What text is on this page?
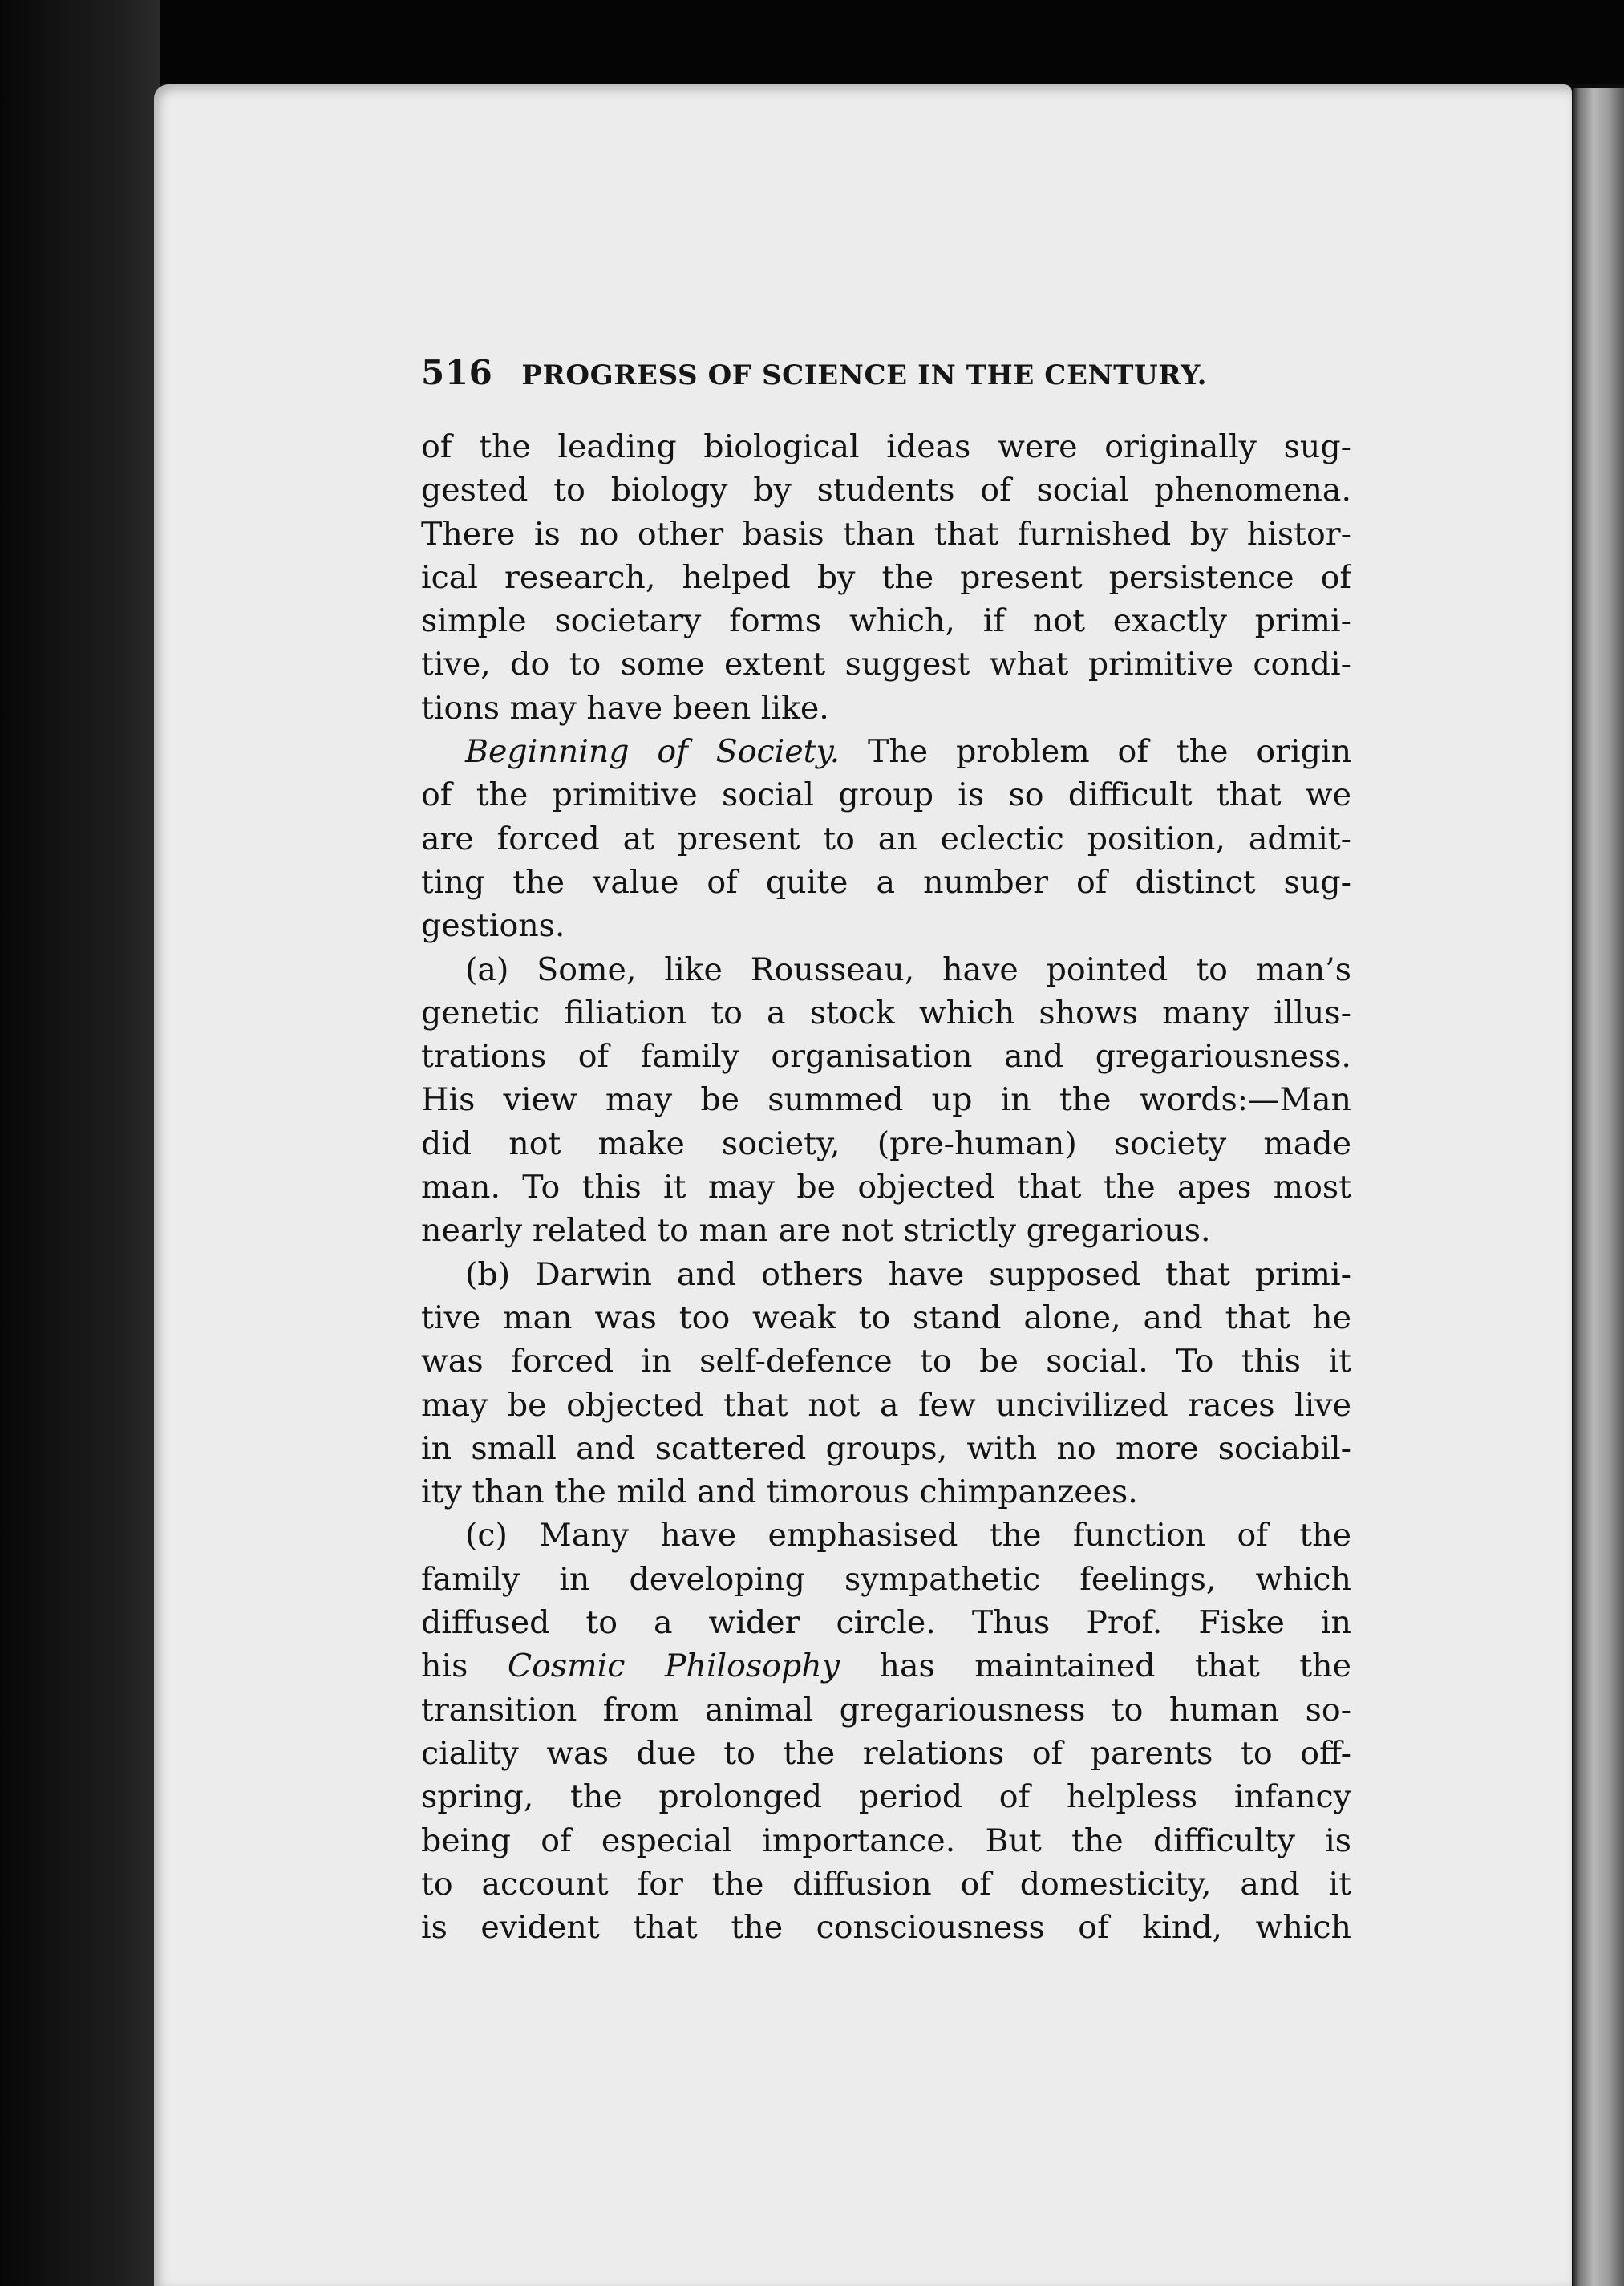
516 PROGRESS OF SCIENCE IN THE CENTURY.
of the leading biological ideas were originally sug-
gested to biology by students of social phenomena.
There is no other basis than that furnished by histor-
ical research, helped by the present persistence of
simple societary forms which, if not exactly primi-
tive, do to some extent suggest what primitive condi-
tions may have been like.
Beginning of Society. The problem of the origin
of the primitive social group is so difficult that we
are forced at present to an eclectic position, admit-
ting the value of quite a number of distinct sug-
gestions.
(a) Some, like Rousseau, have pointed to man’s
genetic filiation to a stock which shows many illus-
trations of family organisation and gregariousness.
His view may be summed up in the words:—Man
did not make society, (pre-human) society made
man. To this it may be objected that the apes most
nearly related to man are not strictly gregarious.
(b) Darwin and others have supposed that primi-
tive man was too weak to stand alone, and that he
was forced in self-defence to be social. To this it
may be objected that not a few uncivilized races live
in small and scattered groups, with no more sociabil-
ity than the mild and timorous chimpanzees.
(c) Many have emphasised the function of the
family in developing sympathetic feelings, which
diffused to a wider circle. Thus Prof. Fiske in
his Cosmic Philosophy has maintained that the
transition from animal gregariousness to human so-
ciality was due to the relations of parents to off-
spring, the prolonged period of helpless infancy
being of especial importance. But the difficulty is
to account for the diffusion of domesticity, and it
is evident that the consciousness of kind, which
